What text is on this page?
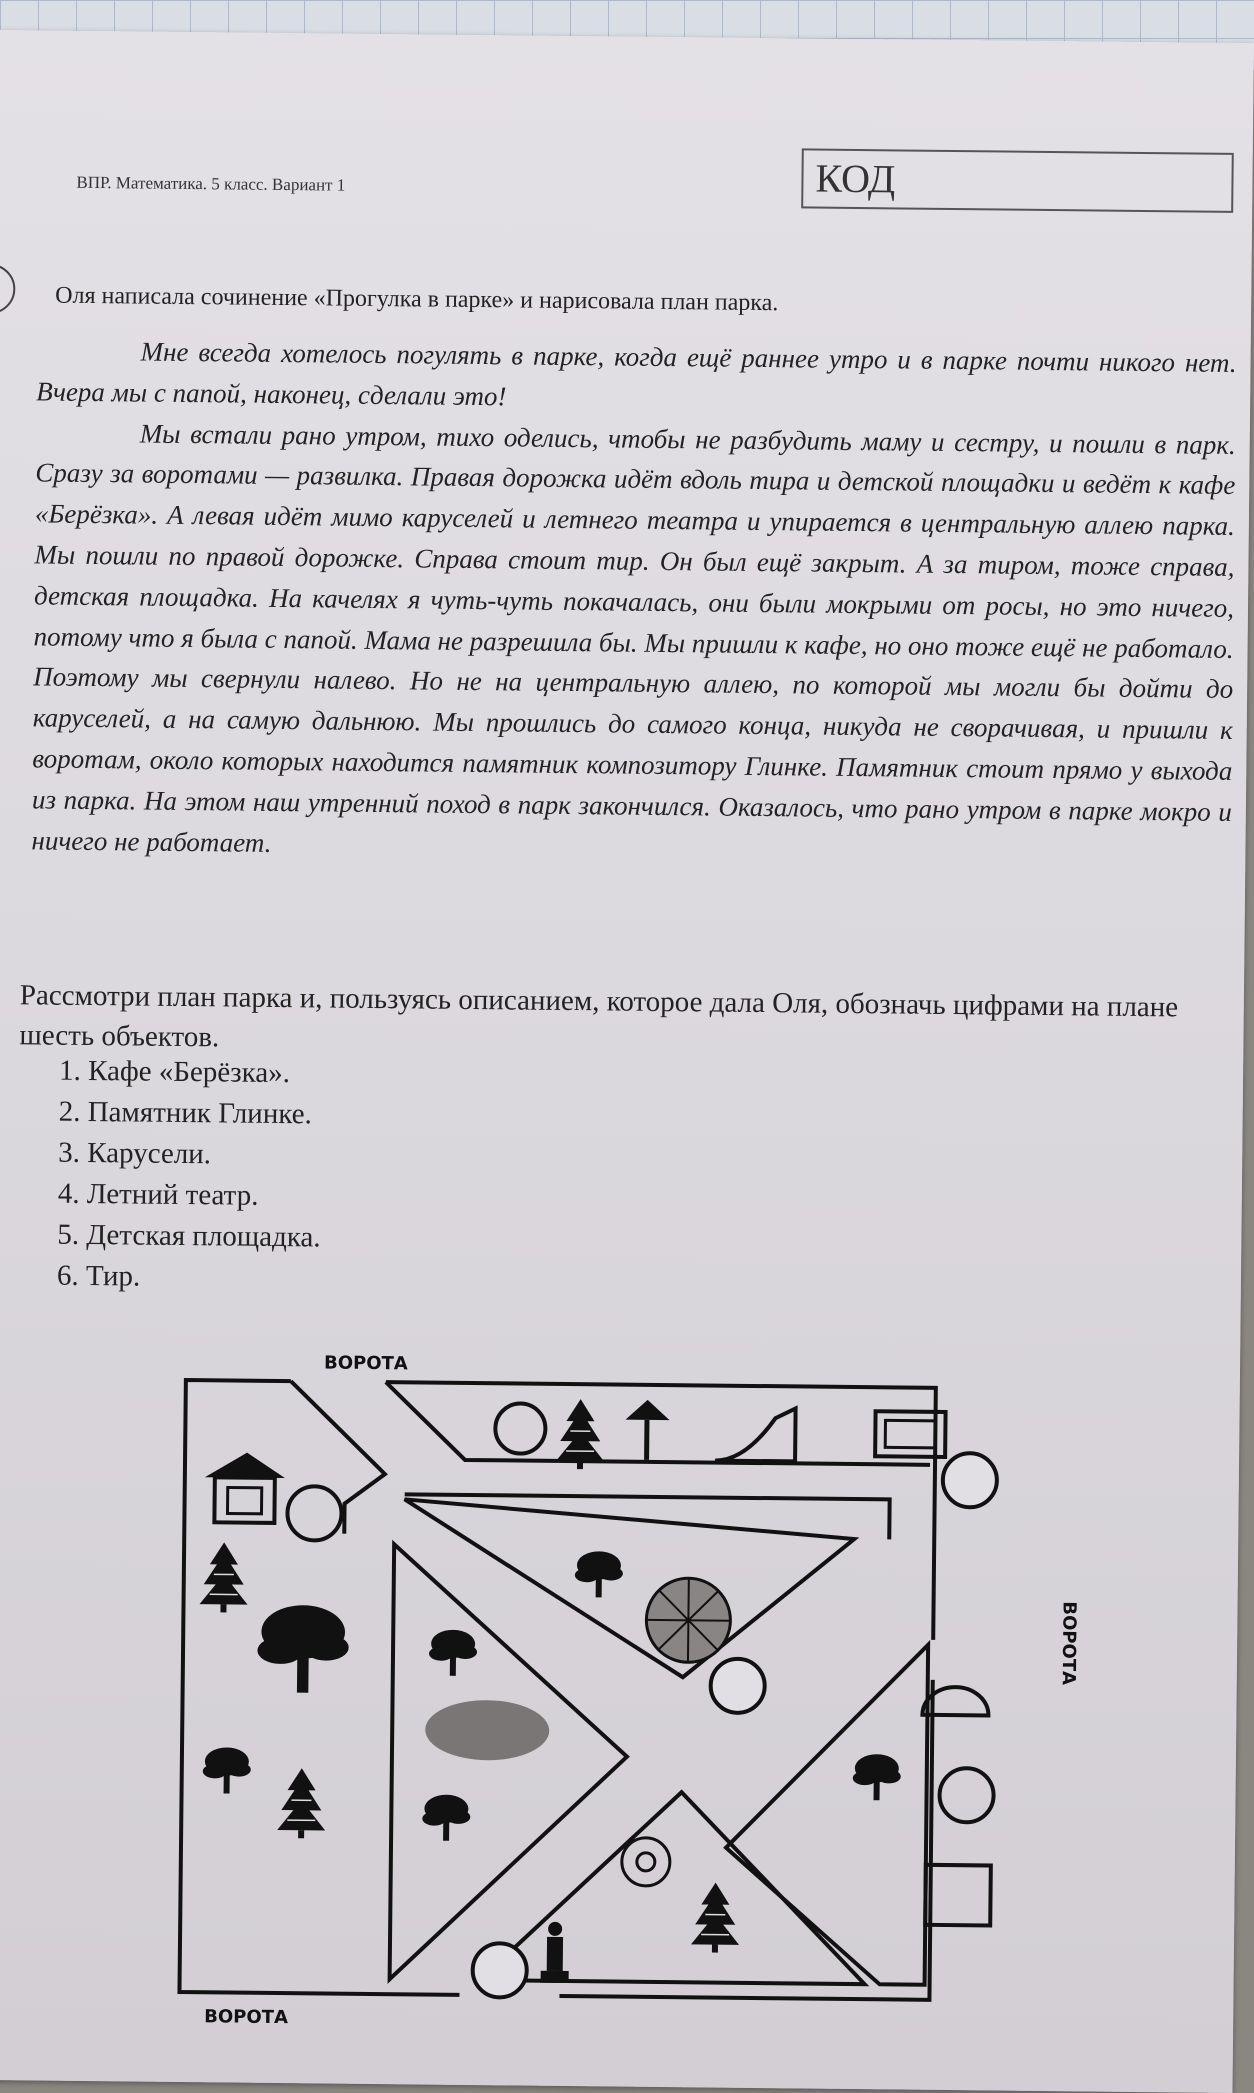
ВПР. Математика. 5 класс. Вариант 1	КОД
Оля написала сочинение «Прогулка в парке» и нарисовала план парка.

Мне всегда хотелось погулять в парке, когда ещё раннее утро и в парке почти никого нет. Вчера мы с папой, наконец, сделали это!

Мы встали рано утром, тихо оделись, чтобы не разбудить маму и сестру, и пошли в парк. Сразу за воротами — развилка. Правая дорожка идёт вдоль тира и детской площадки и ведёт к кафе «Берёзка». А левая идёт мимо каруселей и летнего театра и упирается в центральную аллею парка. Мы пошли по правой дорожке. Справа стоит тир. Он был ещё закрыт. А за тиром, тоже справа, детская площадка. На качелях я чуть-чуть покачалась, они были мокрыми от росы, но это ничего, потому что я была с папой. Мама не разрешила бы. Мы пришли к кафе, но оно тоже ещё не работало. Поэтому мы свернули налево. Но не на центральную аллею, по которой мы могли бы дойти до каруселей, а на самую дальнюю. Мы прошлись до самого конца, никуда не сворачивая, и пришли к воротам, около которых находится памятник композитору Глинке. Памятник стоит прямо у выхода из парка. На этом наш утренний поход в парк закончился. Оказалось, что рано утром в парке мокро и ничего не работает.

Рассмотри план парка и, пользуясь описанием, которое дала Оля, обозначь цифрами на плане шесть объектов.
1. Кафе «Берёзка».
2. Памятник Глинке.
3. Карусели.
4. Летний театр.
5. Детская площадка.
6. Тир.
ВОРОТА
ВОРОТА
ВОРОТА
